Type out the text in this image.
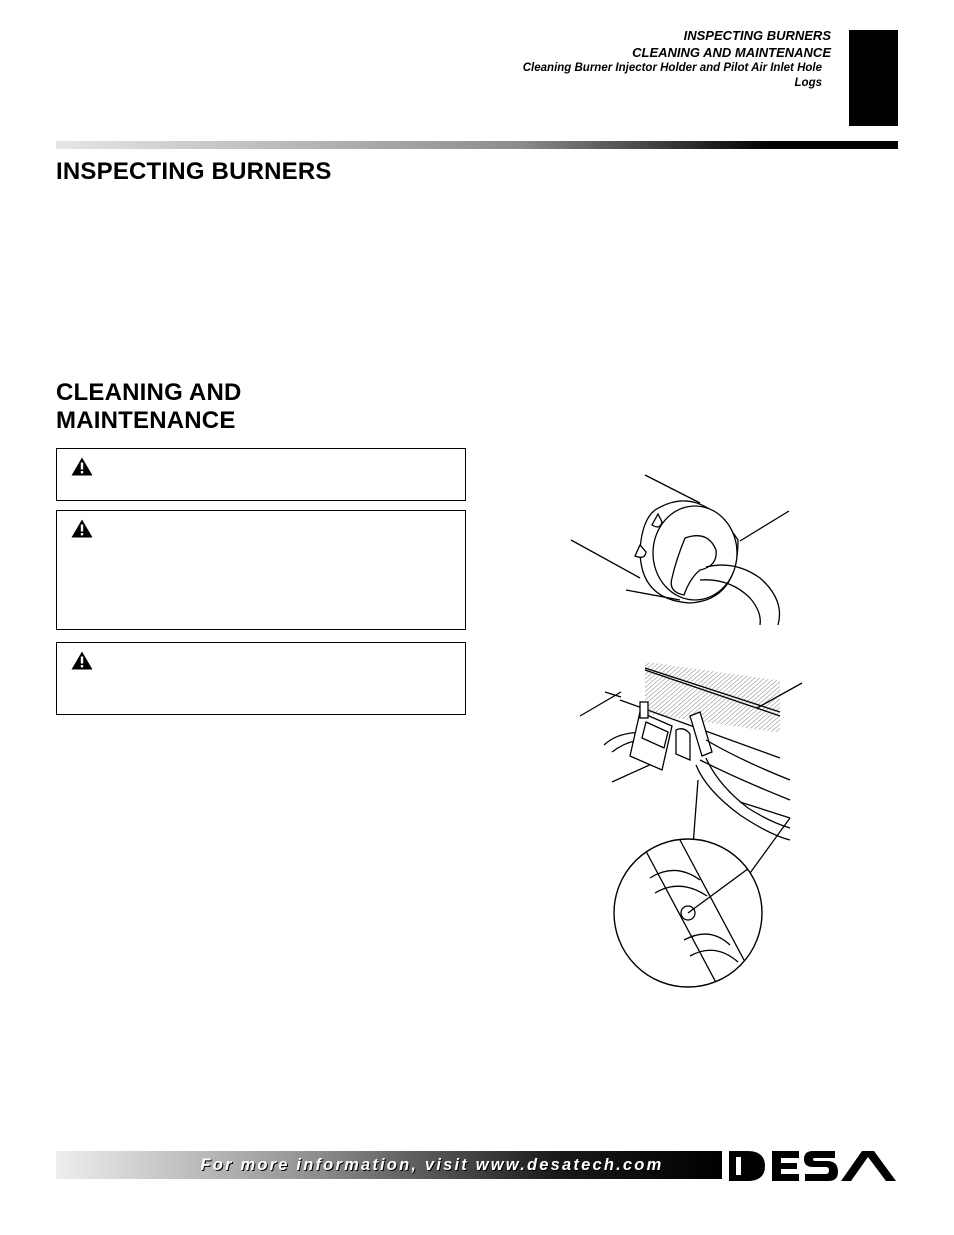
INSPECTING BURNERS

CLEANING AND MAINTENANCE

Cleaning Burner Injector Holder and Pilot Air Inlet Hole

Logs

INSPECTING BURNERS
CLEANING AND
MAINTENANCE

For more information, visit www.desatech.com
